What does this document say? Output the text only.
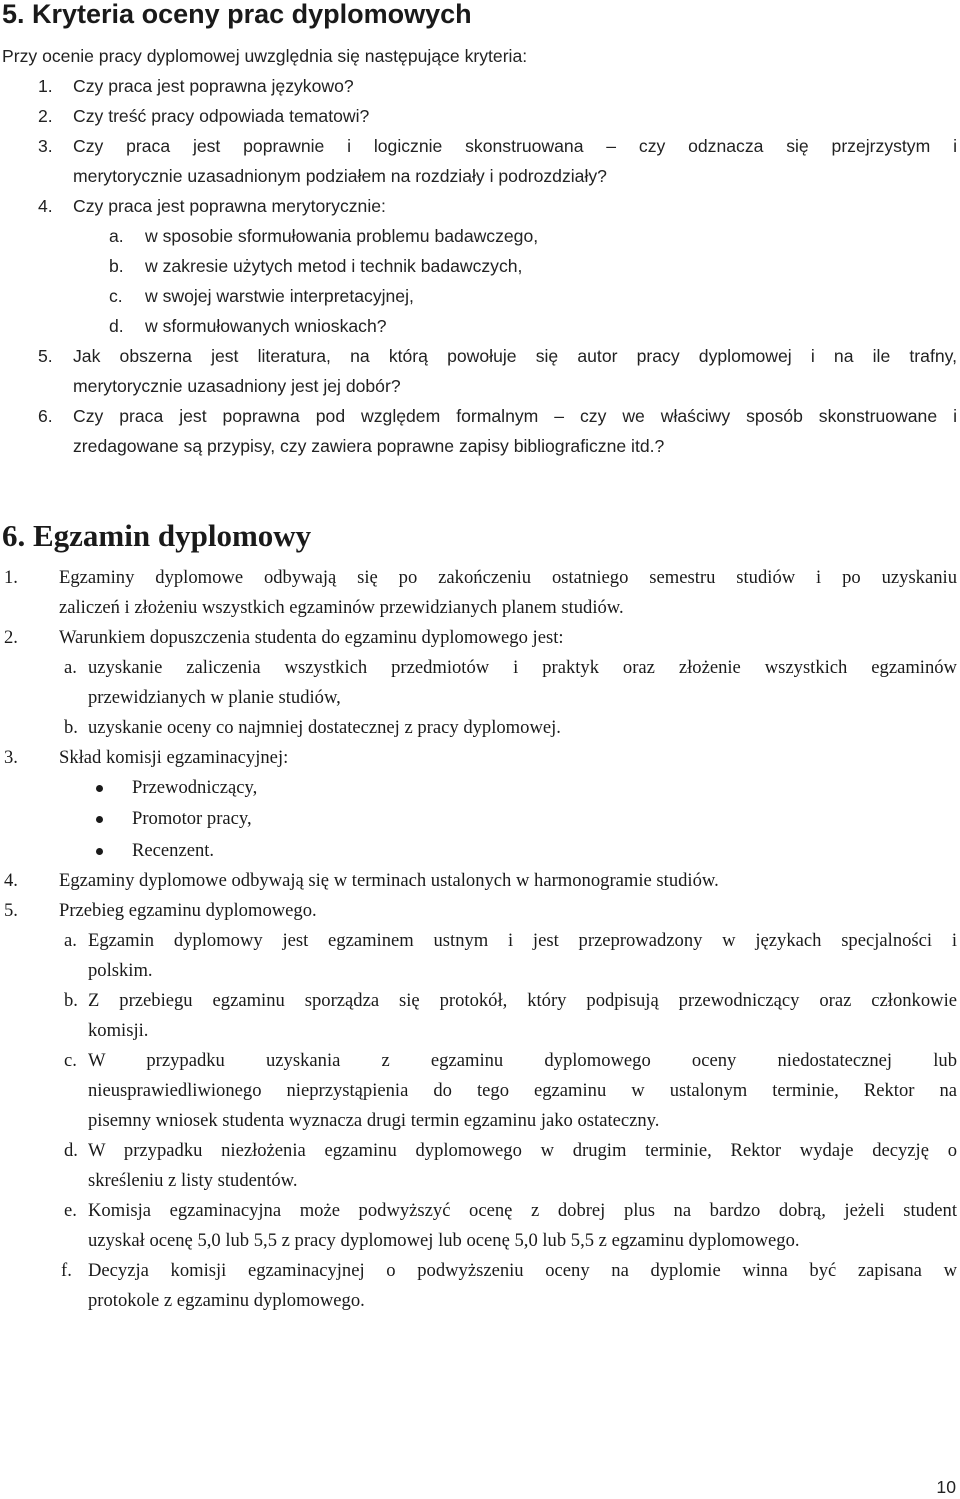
5. Kryteria oceny prac dyplomowych
Przy ocenie pracy dyplomowej uwzględnia się następujące kryteria:
1. Czy praca jest poprawna językowo?
2. Czy treść pracy odpowiada tematowi?
3. Czy praca jest poprawnie i logicznie skonstruowana – czy odznacza się przejrzystym i
merytorycznie uzasadnionym podziałem na rozdziały i podrozdziały?
4. Czy praca jest poprawna merytorycznie:
a. w sposobie sformułowania problemu badawczego,
b. w zakresie użytych metod i technik badawczych,
c. w swojej warstwie interpretacyjnej,
d. w sformułowanych wnioskach?
5. Jak obszerna jest literatura, na którą powołuje się autor pracy dyplomowej i na ile trafny,
merytorycznie uzasadniony jest jej dobór?
6. Czy praca jest poprawna pod względem formalnym – czy we właściwy sposób skonstruowane i
zredagowane są przypisy, czy zawiera poprawne zapisy bibliograficzne itd.?
6. Egzamin dyplomowy
1. Egzaminy dyplomowe odbywają się po zakończeniu ostatniego semestru studiów i po uzyskaniu
zaliczeń i złożeniu wszystkich egzaminów przewidzianych planem studiów.
2. Warunkiem dopuszczenia studenta do egzaminu dyplomowego jest:
a. uzyskanie zaliczenia wszystkich przedmiotów i praktyk oraz złożenie wszystkich egzaminów
przewidzianych w planie studiów,
b. uzyskanie oceny co najmniej dostatecznej z pracy dyplomowej.
3. Skład komisji egzaminacyjnej:
Przewodniczący,
Promotor pracy,
Recenzent.
4. Egzaminy dyplomowe odbywają się w terminach ustalonych w harmonogramie studiów.
5. Przebieg egzaminu dyplomowego.
a. Egzamin dyplomowy jest egzaminem ustnym i jest przeprowadzony w językach specjalności i
polskim.
b. Z przebiegu egzaminu sporządza się protokół, który podpisują przewodniczący oraz członkowie
komisji.
c. W przypadku uzyskania z egzaminu dyplomowego oceny niedostatecznej lub
nieusprawiedliwionego nieprzystąpienia do tego egzaminu w ustalonym terminie, Rektor na
pisemny wniosek studenta wyznacza drugi termin egzaminu jako ostateczny.
d. W przypadku niezłożenia egzaminu dyplomowego w drugim terminie, Rektor wydaje decyzję o
skreśleniu z listy studentów.
e. Komisja egzaminacyjna może podwyższyć ocenę z dobrej plus na bardzo dobrą, jeżeli student
uzyskał ocenę 5,0 lub 5,5 z pracy dyplomowej lub ocenę 5,0 lub 5,5 z egzaminu dyplomowego.
f. Decyzja komisji egzaminacyjnej o podwyższeniu oceny na dyplomie winna być zapisana w
protokole z egzaminu dyplomowego.
10
